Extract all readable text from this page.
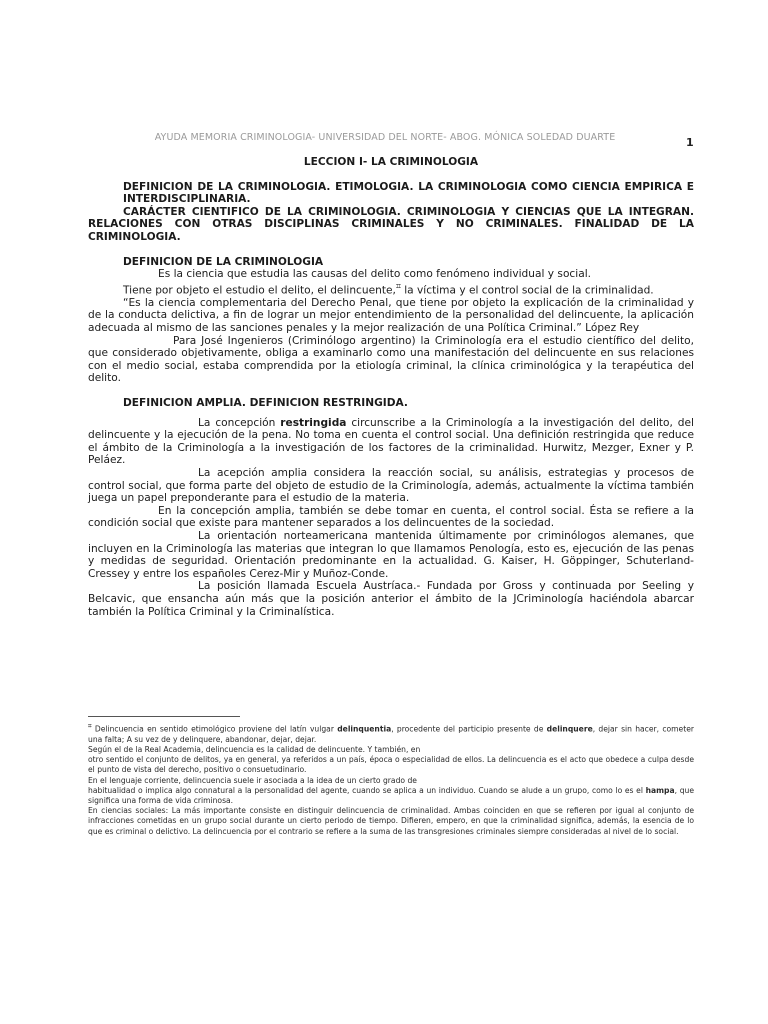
AYUDA MEMORIA CRIMINOLOGIA- UNIVERSIDAD DEL NORTE- ABOG. MÓNICA SOLEDAD DUARTE	1

LECCION I- LA CRIMINOLOGIA

DEFINICION DE LA CRIMINOLOGIA. ETIMOLOGIA. LA CRIMINOLOGIA COMO CIENCIA EMPIRICA E INTERDISCIPLINARIA.

CARÁCTER CIENTIFICO DE LA CRIMINOLOGIA. CRIMINOLOGIA Y CIENCIAS QUE LA INTEGRAN. RELACIONES CON OTRAS DISCIPLINAS CRIMINALES Y NO CRIMINALES. FINALIDAD DE LA CRIMINOLOGIA.

DEFINICION DE LA CRIMINOLOGIA

Es la ciencia que estudia las causas del delito como fenómeno individual y social.

Tiene por objeto el estudio el delito, el delincuente,⌗ la víctima y el control social de la criminalidad.

“Es la ciencia complementaria del Derecho Penal, que tiene por objeto la explicación de la criminalidad y de la conducta delictiva, a fin de lograr un mejor entendimiento de la personalidad del delincuente, la aplicación adecuada al mismo de las sanciones penales y la mejor realización de una Política Criminal.” López Rey

Para José Ingenieros (Criminólogo argentino) la Criminología era el estudio científico del delito, que considerado objetivamente, obliga a examinarlo como una manifestación del delincuente en sus relaciones con el medio social, estaba comprendida por la etiología criminal, la clínica criminológica y la terapéutica del delito.

DEFINICION AMPLIA. DEFINICION RESTRINGIDA.

La concepción restringida circunscribe a la Criminología a la investigación del delito, del delincuente y la ejecución de la pena. No toma en cuenta el control social. Una definición restringida que reduce el ámbito de la Criminología a la investigación de los factores de la criminalidad. Hurwitz, Mezger, Exner y P. Peláez.

La acepción amplia considera la reacción social, su análisis, estrategias y procesos de control social, que forma parte del objeto de estudio de la Criminología, además, actualmente la víctima también juega un papel preponderante para el estudio de la materia.

En la concepción amplia, también se debe tomar en cuenta, el control social. Ésta se refiere a la condición social que existe para mantener separados a los delincuentes de la sociedad.

La orientación norteamericana mantenida últimamente por criminólogos alemanes, que incluyen en la Criminología las materias que integran lo que llamamos Penología, esto es, ejecución de las penas y medidas de seguridad. Orientación predominante en la actualidad. G. Kaiser, H. Göppinger, Schuterland-Cressey y entre los españoles Cerez-Mir y Muñoz-Conde.

La posición llamada Escuela Austríaca.- Fundada por Gross y continuada por Seeling y Belcavic, que ensancha aún más que la posición anterior el ámbito de la JCriminología haciéndola abarcar también la Política Criminal y la Criminalística.

⌗ Delincuencia en sentido etimológico proviene del latín vulgar delinquentia, procedente del participio presente de delinquere, dejar sin hacer, cometer una falta; A su vez de y delinquere, abandonar, dejar, dejar.

Según el de la Real Academia, delincuencia es la calidad de delincuente. Y también, en

otro sentido el conjunto de delitos, ya en general, ya referidos a un país, época o especialidad de ellos. La delincuencia es el acto que obedece a culpa desde el punto de vista del derecho, positivo o consuetudinario.

En el lenguaje corriente, delincuencia suele ir asociada a la idea de un cierto grado de

habitualidad o implica algo connatural a la personalidad del agente, cuando se aplica a un individuo. Cuando se alude a un grupo, como lo es el hampa, que significa una forma de vida criminosa.

En ciencias sociales: La más importante consiste en distinguir delincuencia de criminalidad. Ambas coinciden en que se refieren por igual al conjunto de infracciones cometidas en un grupo social durante un cierto periodo de tiempo. Difieren, empero, en que la criminalidad significa, además, la esencia de lo que es criminal o delictivo. La delincuencia por el contrario se refiere a la suma de las transgresiones criminales siempre consideradas al nivel de lo social.
